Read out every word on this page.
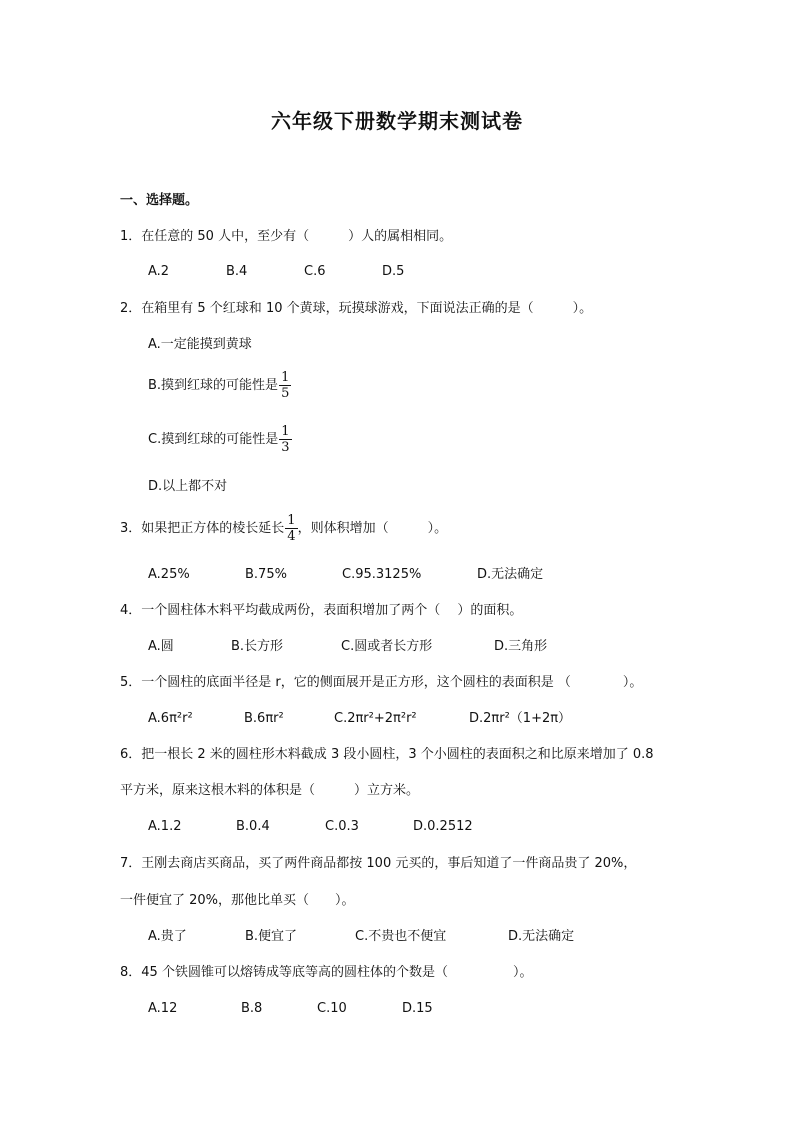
六年级下册数学期末测试卷
一、选择题。
1．在任意的 50 人中，至少有（　　　）人的属相相同。
A.2	B.4	C.6	D.5
2．在箱里有 5 个红球和 10 个黄球，玩摸球游戏，下面说法正确的是（　　　）。
A.一定能摸到黄球
B.摸到红球的可能性是 $\frac{1}{5}$
C.摸到红球的可能性是 $\frac{1}{3}$
D.以上都不对
3．如果把正方体的棱长延长 $\frac{1}{4}$ ，则体积增加（　　　）。
A.25%	B.75%	C.95.3125%	D.无法确定
4．一个圆柱体木料平均截成两份，表面积增加了两个（　 ）的面积。
A.圆	B.长方形	C.圆或者长方形	D.三角形
5．一个圆柱的底面半径是 r，它的侧面展开是正方形，这个圆柱的表面积是 （　　　　）。
A.6π²r²	B.6πr²	C.2πr²+2π²r²	D.2πr²（1+2π）
6．把一根长 2 米的圆柱形木料截成 3 段小圆柱，3 个小圆柱的表面积之和比原来增加了 0.8
平方米，原来这根木料的体积是（　　　）立方米。
A.1.2	B.0.4	C.0.3	D.0.2512
7．王刚去商店买商品，买了两件商品都按 100 元买的，事后知道了一件商品贵了 20%，
一件便宜了 20%，那他比单买（　　）。
A.贵了	B.便宜了	C.不贵也不便宜	D.无法确定
8．45 个铁圆锥可以熔铸成等底等高的圆柱体的个数是（　　　　　）。
A.12	B.8	C.10	D.15
